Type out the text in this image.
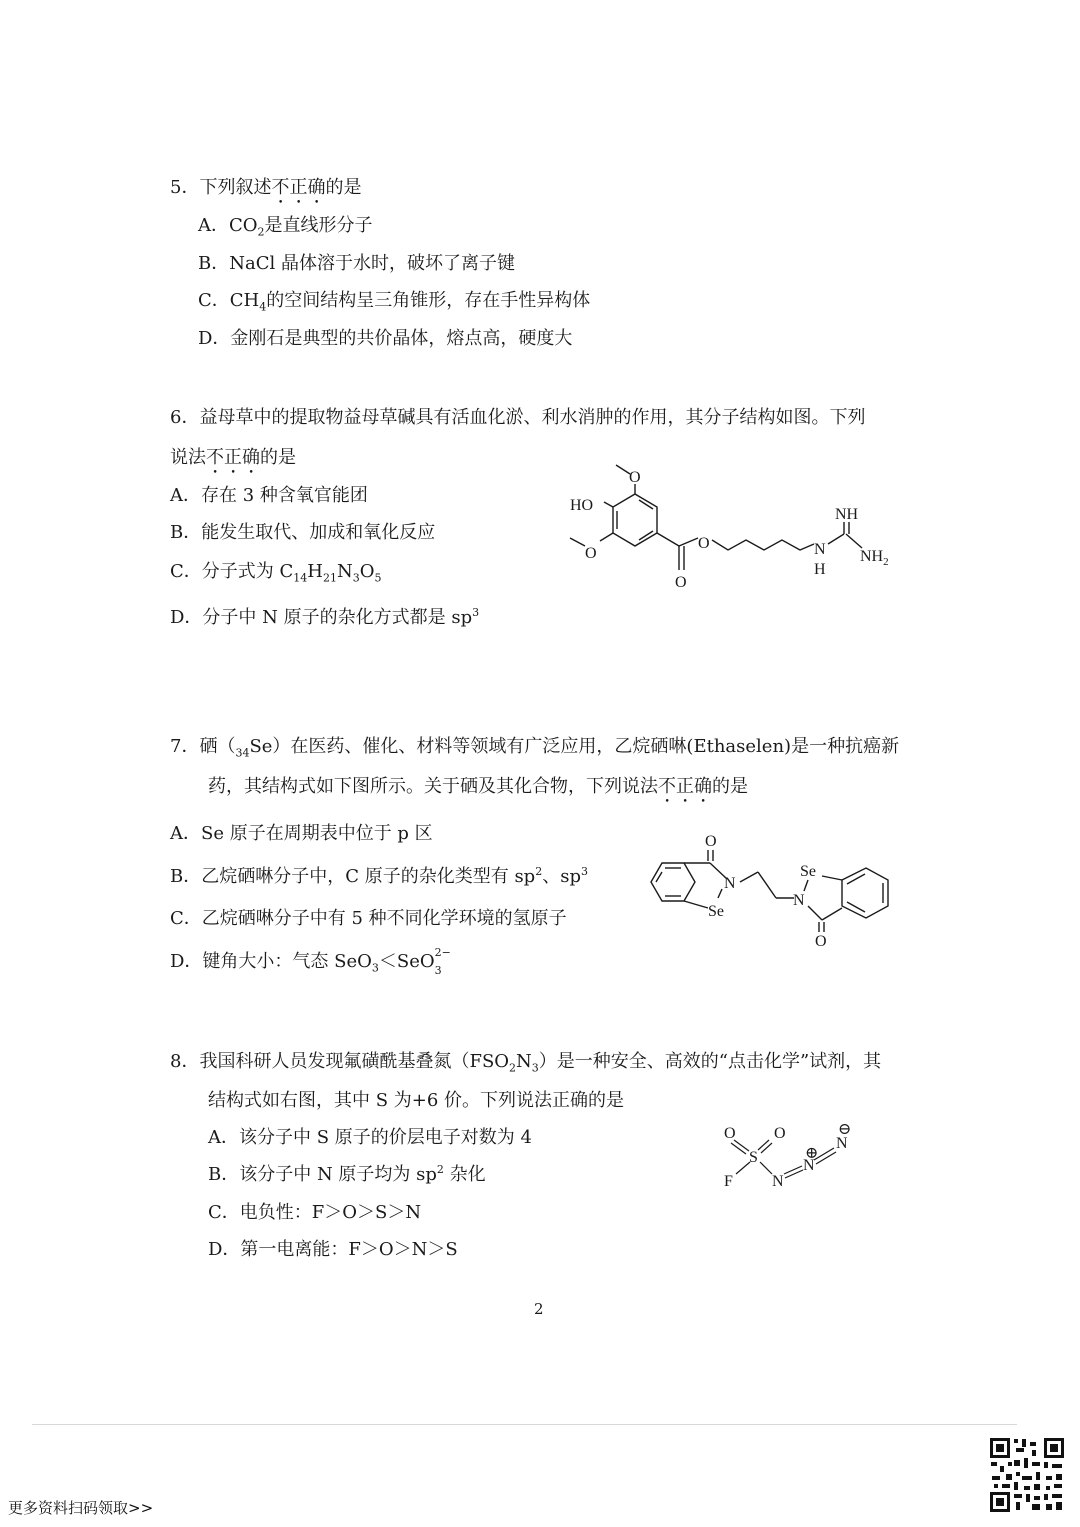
5．下列叙述不正确的是
A．$CO_2$是直线形分子
B．NaCl 晶体溶于水时，破坏了离子键
C．$CH_4$的空间结构呈三角锥形，存在手性异构体
D．金刚石是典型的共价晶体，熔点高，硬度大
6．益母草中的提取物益母草碱具有活血化淤、利水消肿的作用，其分子结构如图。下列
说法不正确的是
A．存在 3 种含氧官能团
B．能发生取代、加成和氧化反应
C．分子式为 $C_{14}H_{21}N_3O_5$
D．分子中 N 原子的杂化方式都是 $sp^3$
O
HO
O
O
O
NH
N
H
$NH_2$
7．硒$(_{34}Se)$在医药、催化、材料等领域有广泛应用，乙烷硒啉(Ethaselen)是一种抗癌新
药，其结构式如下图所示。关于硒及其化合物，下列说法不正确的是
A．Se 原子在周期表中位于 p 区
B．乙烷硒啉分子中，C 原子的杂化类型有 $sp^2$、$sp^3$
C．乙烷硒啉分子中有 5 种不同化学环境的氢原子
D．键角大小：气态 SeO$_3$＜SeO 2−
3
O
N
Se
Se
N
O
8．我国科研人员发现氟磺酰基叠氮$(FSO_2N_3)$是一种安全、高效的“点击化学”试剂，其
结构式如右图，其中 S 为+6 价。下列说法正确的是
A．该分子中 S 原子的价层电子对数为 4
B．该分子中 N 原子均为 $sp^2$ 杂化
C．电负性：F＞O＞S＞N
D．第一电离能：F＞O＞N＞S
O O
S
F N
N
⊕
N
⊖
2
更多资料扫码领取>>
